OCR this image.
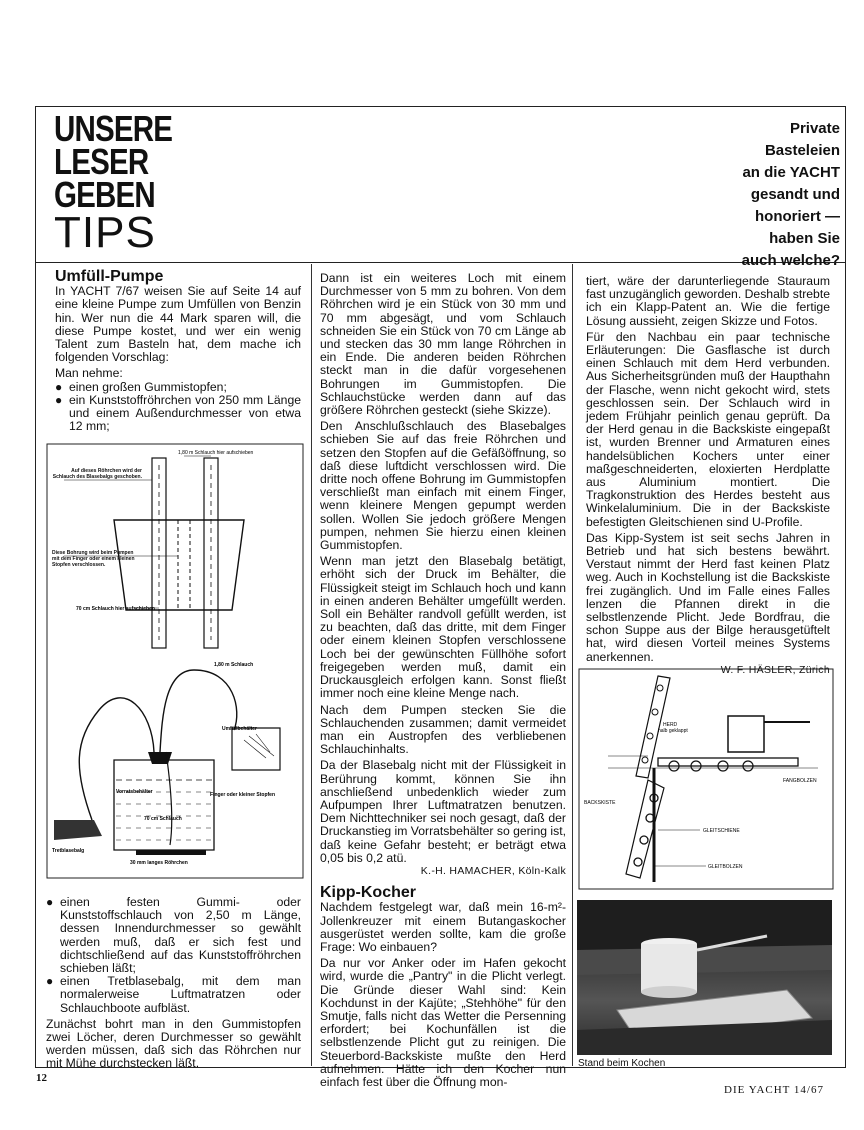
UNSERE
LESER
GEBEN
TIPS
Private
Basteleien
an die YACHT
gesandt und
honoriert —
haben Sie
auch welche?
Umfüll-Pumpe

In YACHT 7/67 weisen Sie auf Seite 14 auf eine kleine Pumpe zum Umfüllen von Benzin hin. Wer nun die 44 Mark sparen will, die diese Pumpe kostet, und wer ein wenig Talent zum Basteln hat, dem mache ich folgenden Vorschlag:

Man nehme:

● einen großen Gummistopfen;
● ein Kunststoffröhrchen von 250 mm Länge und einem Außendurchmesser von etwa 12 mm;
1,80 m Schlauch hier aufschieben
Auf dieses Röhrchen wird der Schlauch des Blasebalgs geschoben.
Diese Bohrung wird beim Pumpen mit dem Finger oder einem kleinen Stopfen verschlossen.
70 cm Schlauch hier aufschieben
1,80 m Schlauch
Umfüllbehälter
Vorratsbehälter	Finger oder kleiner Stopfen
70 cm Schlauch
Tretblasebalg
30 mm langes Röhrchen
● einen festen Gummi- oder Kunststoffschlauch von 2,50 m Länge, dessen Innendurchmesser so gewählt werden muß, daß er sich fest und dichtschließend auf das Kunststoffröhrchen schieben läßt;
● einen Tretblasebalg, mit dem man normalerweise Luftmatratzen oder Schlauchboote aufbläst.

Zunächst bohrt man in den Gummistopfen zwei Löcher, deren Durchmesser so gewählt werden müssen, daß sich das Röhrchen nur mit Mühe durchstecken läßt.

Dann ist ein weiteres Loch mit einem Durchmesser von 5 mm zu bohren. Von dem Röhrchen wird je ein Stück von 30 mm und 70 mm abgesägt, und vom Schlauch schneiden Sie ein Stück von 70 cm Länge ab und stecken das 30 mm lange Röhrchen in ein Ende. Die anderen beiden Röhrchen steckt man in die dafür vorgesehenen Bohrungen im Gummistopfen. Die Schlauchstücke werden dann auf das größere Röhrchen gesteckt (siehe Skizze).

Den Anschlußschlauch des Blasebalges schieben Sie auf das freie Röhrchen und setzen den Stopfen auf die Gefäßöffnung, so daß diese luftdicht verschlossen wird. Die dritte noch offene Bohrung im Gummistopfen verschließt man einfach mit einem Finger, wenn kleinere Mengen gepumpt werden sollen. Wollen Sie jedoch größere Mengen pumpen, nehmen Sie hierzu einen kleinen Gummistopfen.

Wenn man jetzt den Blasebalg betätigt, erhöht sich der Druck im Behälter, die Flüssigkeit steigt im Schlauch hoch und kann in einen anderen Behälter umgefüllt werden. Soll ein Behälter randvoll gefüllt werden, ist zu beachten, daß das dritte, mit dem Finger oder einem kleinen Stopfen verschlossene Loch bei der gewünschten Füllhöhe sofort freigegeben werden muß, damit ein Druckausgleich erfolgen kann. Sonst fließt immer noch eine kleine Menge nach.

Nach dem Pumpen stecken Sie die Schlauchenden zusammen; damit vermeidet man ein Austropfen des verbliebenen Schlauchinhalts.

Da der Blasebalg nicht mit der Flüssigkeit in Berührung kommt, können Sie ihn anschließend unbedenklich wieder zum Aufpumpen Ihrer Luftmatratzen benutzen. Dem Nichttechniker sei noch gesagt, daß der Druckanstieg im Vorratsbehälter so gering ist, daß keine Gefahr besteht; er beträgt etwa 0,05 bis 0,2 atü.

K.-H. HAMACHER, Köln-Kalk
Kipp-Kocher

Nachdem festgelegt war, daß mein 16-m²-Jollenkreuzer mit einem Butangaskocher ausgerüstet werden sollte, kam die große Frage: Wo einbauen?

Da nur vor Anker oder im Hafen gekocht wird, wurde die „Pantry" in die Plicht verlegt. Die Gründe dieser Wahl sind: Kein Kochdunst in der Kajüte; „Stehhöhe" für den Smutje, falls nicht das Wetter die Persenning erfordert; bei Kochunfällen ist die selbstlenzende Plicht gut zu reinigen. Die Steuerbord-Backskiste mußte den Herd aufnehmen. Hätte ich den Kocher nun einfach fest über die Öffnung mon-

tiert, wäre der darunterliegende Stauraum fast unzugänglich geworden. Deshalb strebte ich ein Klapp-Patent an. Wie die fertige Lösung aussieht, zeigen Skizze und Fotos.

Für den Nachbau ein paar technische Erläuterungen: Die Gasflasche ist durch einen Schlauch mit dem Herd verbunden. Aus Sicherheitsgründen muß der Haupthahn der Flasche, wenn nicht gekocht wird, stets geschlossen sein. Der Schlauch wird in jedem Frühjahr peinlich genau geprüft. Da der Herd genau in die Backskiste eingepaßt ist, wurden Brenner und Armaturen eines handelsüblichen Kochers unter einer maßgeschneiderten, eloxierten Herdplatte aus Aluminium montiert. Die Tragkonstruktion des Herdes besteht aus Winkelaluminium. Die in der Backskiste befestigten Gleitschienen sind U-Profile.

Das Kipp-System ist seit sechs Jahren in Betrieb und hat sich bestens bewährt. Verstaut nimmt der Herd fast keinen Platz weg. Auch in Kochstellung ist die Backskiste frei zugänglich. Und im Falle eines Falles lenzen die Pfannen direkt in die selbstlenzende Plicht. Jede Bordfrau, die schon Suppe aus der Bilge herausgetüftelt hat, wird diesen Vorteil meines Systems anerkennen.

W. F. HÄSLER, Zürich
HERD
halb geklappt
FANGBOLZEN
BACKSKISTE
GLEITSCHIENE
GLEITBOLZEN
Stand beim Kochen
12
DIE YACHT 14/67
